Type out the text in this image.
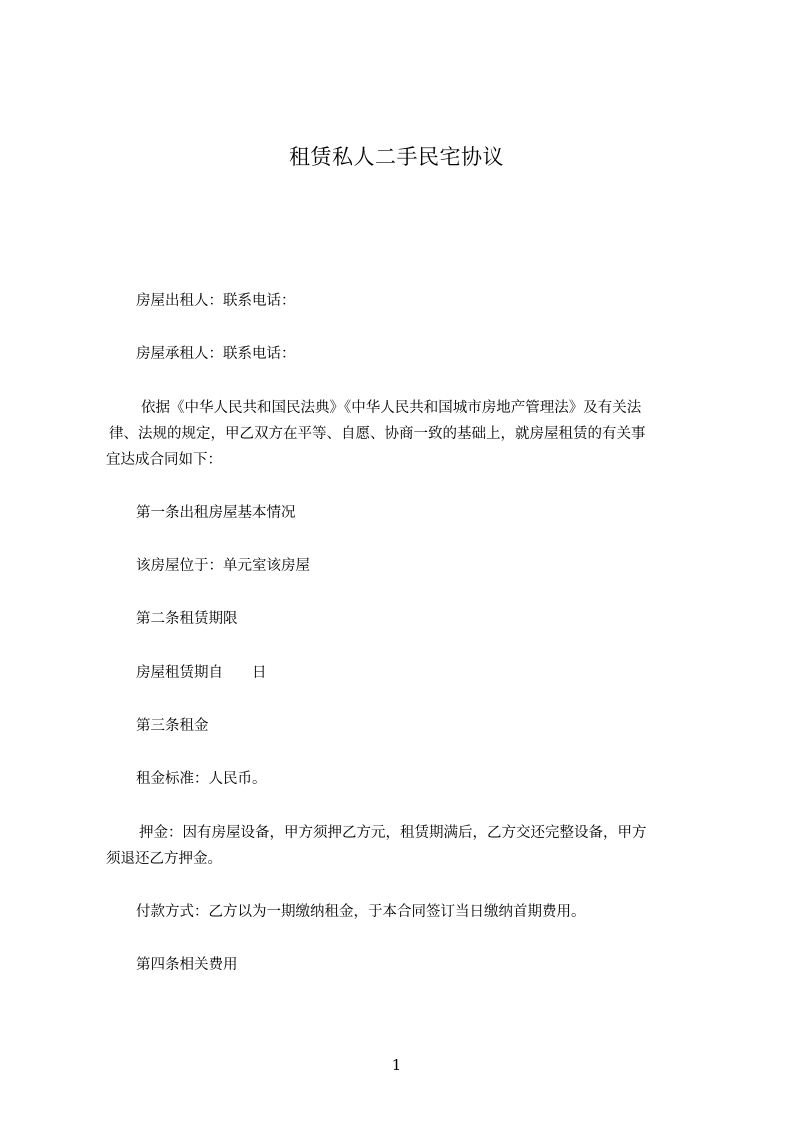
租赁私人二手民宅协议

房屋出租人：联系电话：

房屋承租人：联系电话：

依据《中华人民共和国民法典》《中华人民共和国城市房地产管理法》及有关法
律、法规的规定，甲乙双方在平等、自愿、协商一致的基础上，就房屋租赁的有关事
宜达成合同如下：

第一条出租房屋基本情况

该房屋位于：单元室该房屋

第二条租赁期限

房屋租赁期自　　日

第三条租金

租金标准：人民币。

押金：因有房屋设备，甲方须押乙方元，租赁期满后，乙方交还完整设备，甲方
须退还乙方押金。

付款方式：乙方以为一期缴纳租金，于本合同签订当日缴纳首期费用。

第四条相关费用

1
